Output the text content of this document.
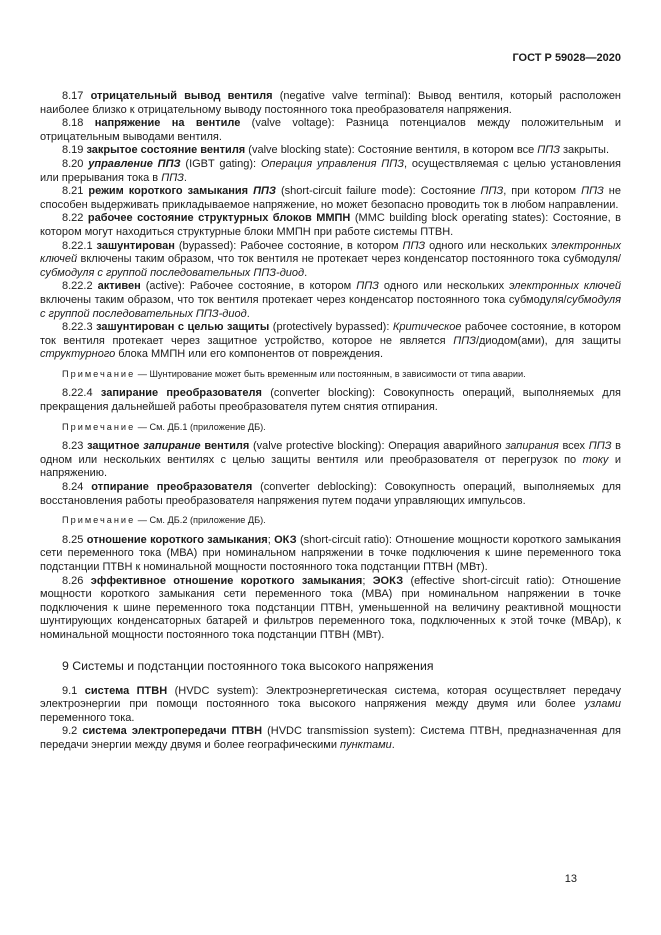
ГОСТ Р 59028—2020
8.17 отрицательный вывод вентиля (negative valve terminal): Вывод вентиля, который расположен наиболее близко к отрицательному выводу постоянного тока преобразователя напряжения.
8.18 напряжение на вентиле (valve voltage): Разница потенциалов между положительным и отрицательным выводами вентиля.
8.19 закрытое состояние вентиля (valve blocking state): Состояние вентиля, в котором все ППЗ закрыты.
8.20 управление ППЗ (IGBT gating): Операция управления ППЗ, осуществляемая с целью установления или прерывания тока в ППЗ.
8.21 режим короткого замыкания ППЗ (short-circuit failure mode): Состояние ППЗ, при котором ППЗ не способен выдерживать прикладываемое напряжение, но может безопасно проводить ток в любом направлении.
8.22 рабочее состояние структурных блоков ММПН (MMC building block operating states): Состояние, в котором могут находиться структурные блоки ММПН при работе системы ПТВН.
8.22.1 зашунтирован (bypassed): Рабочее состояние, в котором ППЗ одного или нескольких электронных ключей включены таким образом, что ток вентиля не протекает через конденсатор постоянного тока субмодуля/субмодуля с группой последовательных ППЗ-диод.
8.22.2 активен (active): Рабочее состояние, в котором ППЗ одного или нескольких электронных ключей включены таким образом, что ток вентиля протекает через конденсатор постоянного тока субмодуля/субмодуля с группой последовательных ППЗ-диод.
8.22.3 зашунтирован с целью защиты (protectively bypassed): Критическое рабочее состояние, в котором ток вентиля протекает через защитное устройство, которое не является ППЗ/диодом(ами), для защиты структурного блока ММПН или его компонентов от повреждения.
Примечание — Шунтирование может быть временным или постоянным, в зависимости от типа аварии.
8.22.4 запирание преобразователя (converter blocking): Совокупность операций, выполняемых для прекращения дальнейшей работы преобразователя путем снятия отпирания.
Примечание — См. ДБ.1 (приложение ДБ).
8.23 защитное запирание вентиля (valve protective blocking): Операция аварийного запирания всех ППЗ в одном или нескольких вентилях с целью защиты вентиля или преобразователя от перегрузок по току и напряжению.
8.24 отпирание преобразователя (converter deblocking): Совокупность операций, выполняемых для восстановления работы преобразователя напряжения путем подачи управляющих импульсов.
Примечание — См. ДБ.2 (приложение ДБ).
8.25 отношение короткого замыкания; ОКЗ (short-circuit ratio): Отношение мощности короткого замыкания сети переменного тока (МВА) при номинальном напряжении в точке подключения к шине переменного тока подстанции ПТВН к номинальной мощности постоянного тока подстанции ПТВН (МВт).
8.26 эффективное отношение короткого замыкания; ЭОКЗ (effective short-circuit ratio): Отношение мощности короткого замыкания сети переменного тока (МВА) при номинальном напряжении в точке подключения к шине переменного тока подстанции ПТВН, уменьшенной на величину реактивной мощности шунтирующих конденсаторных батарей и фильтров переменного тока, подключенных к этой точке (МВАр), к номинальной мощности постоянного тока подстанции ПТВН (МВт).
9 Системы и подстанции постоянного тока высокого напряжения
9.1 система ПТВН (HVDC system): Электроэнергетическая система, которая осуществляет передачу электроэнергии при помощи постоянного тока высокого напряжения между двумя или более узлами переменного тока.
9.2 система электропередачи ПТВН (HVDC transmission system): Система ПТВН, предназначенная для передачи энергии между двумя и более географическими пунктами.
13
